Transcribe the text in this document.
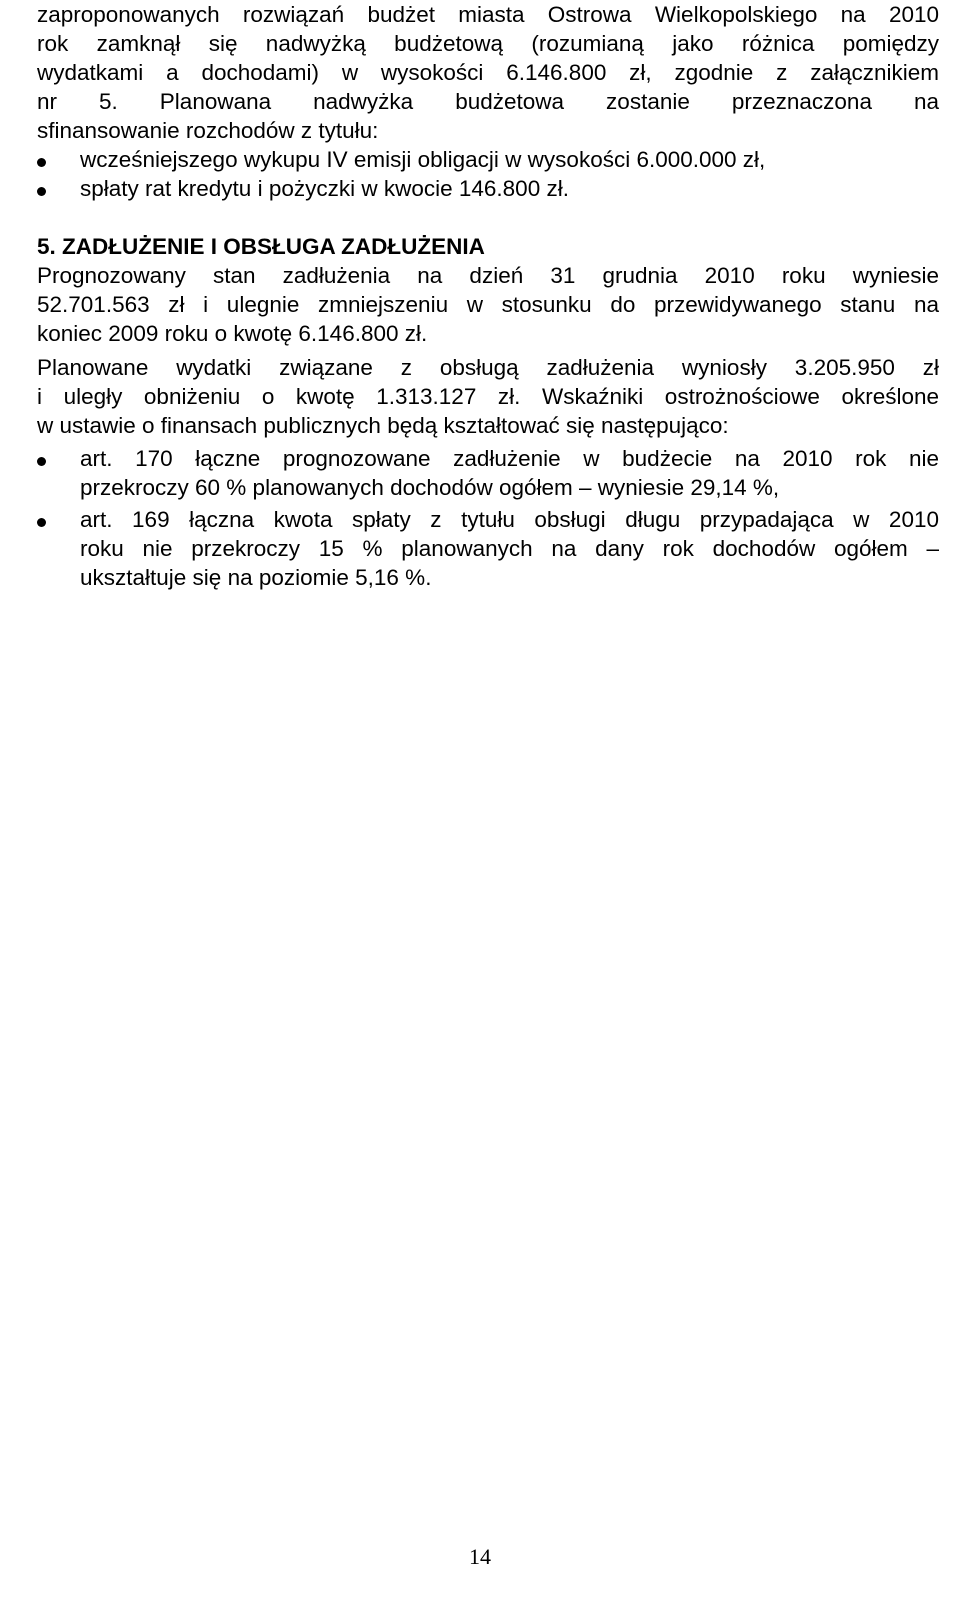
zaproponowanych rozwiązań budżet miasta Ostrowa Wielkopolskiego na 2010
rok zamknął się nadwyżką budżetową (rozumianą jako różnica pomiędzy
wydatkami a dochodami) w wysokości 6.146.800 zł, zgodnie z załącznikiem
nr 5. Planowana nadwyżka budżetowa zostanie przeznaczona na
sfinansowanie rozchodów z tytułu:
wcześniejszego wykupu IV emisji obligacji w wysokości 6.000.000 zł,
spłaty rat kredytu i pożyczki w kwocie 146.800 zł.
5. ZADŁUŻENIE I OBSŁUGA ZADŁUŻENIA
Prognozowany stan zadłużenia na dzień 31 grudnia 2010 roku wyniesie
52.701.563 zł i ulegnie zmniejszeniu w stosunku do przewidywanego stanu na
koniec 2009 roku o kwotę 6.146.800 zł.
Planowane wydatki związane z obsługą zadłużenia wyniosły 3.205.950 zł
i uległy obniżeniu o kwotę 1.313.127 zł. Wskaźniki ostrożnościowe określone
w ustawie o finansach publicznych będą kształtować się następująco:
art. 170 łączne prognozowane zadłużenie w budżecie na 2010 rok nie
przekroczy 60 % planowanych dochodów ogółem – wyniesie 29,14 %,
art. 169 łączna kwota spłaty z tytułu obsługi długu przypadająca w 2010
roku nie przekroczy 15 % planowanych na dany rok dochodów ogółem –
ukształtuje się na poziomie 5,16 %.
14
